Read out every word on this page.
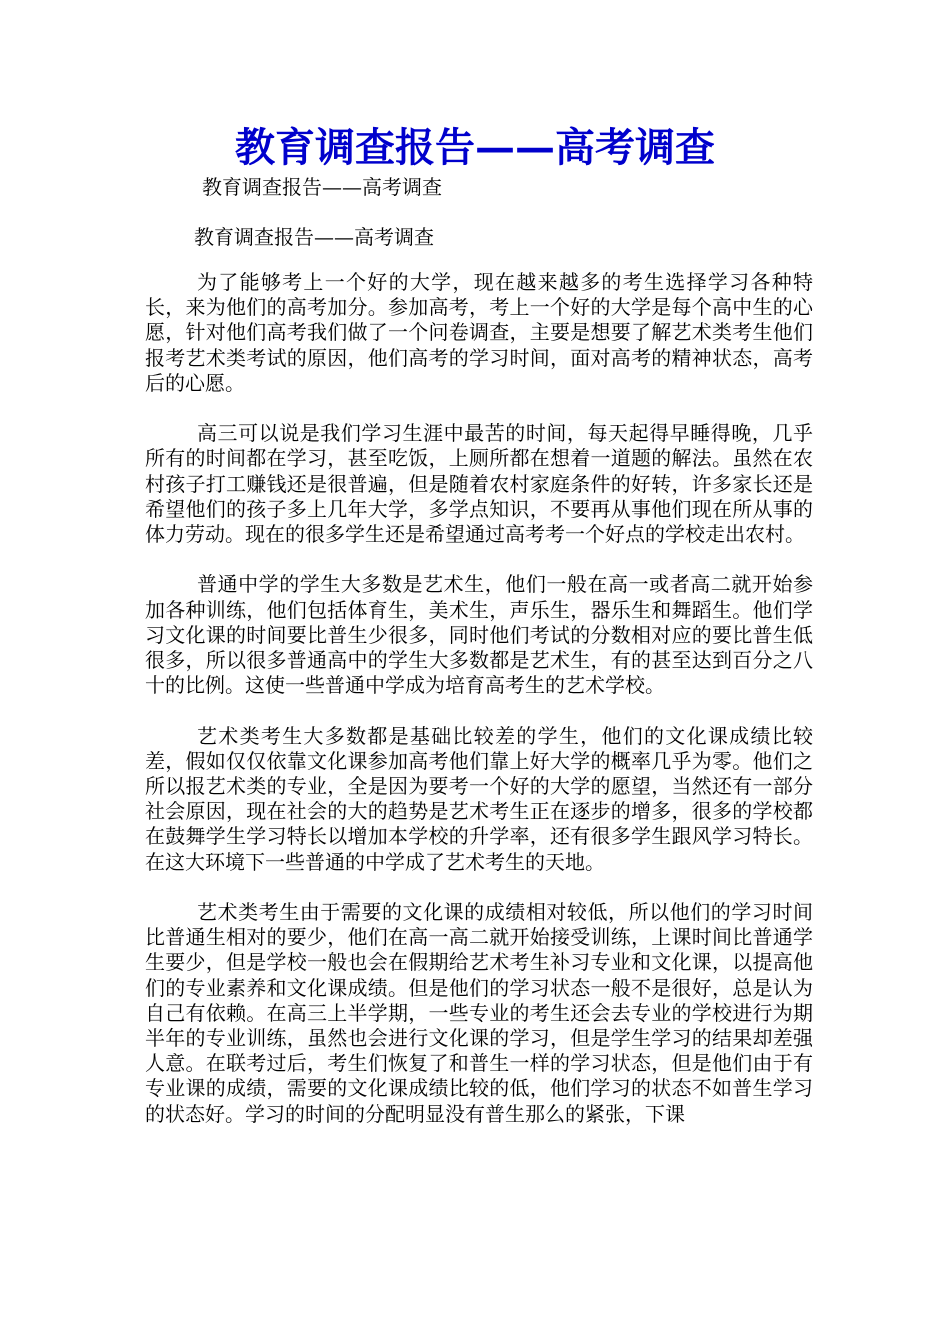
教育调查报告——高考调查
教育调查报告——高考调查
教育调查报告——高考调查

为了能够考上一个好的大学，现在越来越多的考生选择学习各种特长，来为他们的高考加分。参加高考，考上一个好的大学是每个高中生的心愿，针对他们高考我们做了一个问卷调查，主要是想要了解艺术类考生他们报考艺术类考试的原因，他们高考的学习时间，面对高考的精神状态，高考后的心愿。

高三可以说是我们学习生涯中最苦的时间，每天起得早睡得晚，几乎所有的时间都在学习，甚至吃饭，上厕所都在想着一道题的解法。虽然在农村孩子打工赚钱还是很普遍，但是随着农村家庭条件的好转，许多家长还是希望他们的孩子多上几年大学，多学点知识，不要再从事他们现在所从事的体力劳动。现在的很多学生还是希望通过高考考一个好点的学校走出农村。

普通中学的学生大多数是艺术生，他们一般在高一或者高二就开始参加各种训练，他们包括体育生，美术生，声乐生，器乐生和舞蹈生。他们学习文化课的时间要比普生少很多，同时他们考试的分数相对应的要比普生低很多，所以很多普通高中的学生大多数都是艺术生，有的甚至达到百分之八十的比例。这使一些普通中学成为培育高考生的艺术学校。

艺术类考生大多数都是基础比较差的学生，他们的文化课成绩比较差，假如仅仅依靠文化课参加高考他们靠上好大学的概率几乎为零。他们之所以报艺术类的专业，全是因为要考一个好的大学的愿望，当然还有一部分社会原因，现在社会的大的趋势是艺术考生正在逐步的增多，很多的学校都在鼓舞学生学习特长以增加本学校的升学率，还有很多学生跟风学习特长。在这大环境下一些普通的中学成了艺术考生的天地。

艺术类考生由于需要的文化课的成绩相对较低，所以他们的学习时间比普通生相对的要少，他们在高一高二就开始接受训练，上课时间比普通学生要少，但是学校一般也会在假期给艺术考生补习专业和文化课，以提高他们的专业素养和文化课成绩。但是他们的学习状态一般不是很好，总是认为自己有依赖。在高三上半学期，一些专业的考生还会去专业的学校进行为期半年的专业训练，虽然也会进行文化课的学习，但是学生学习的结果却差强人意。在联考过后，考生们恢复了和普生一样的学习状态，但是他们由于有专业课的成绩，需要的文化课成绩比较的低，他们学习的状态不如普生学习的状态好。学习的时间的分配明显没有普生那么的紧张，下课
